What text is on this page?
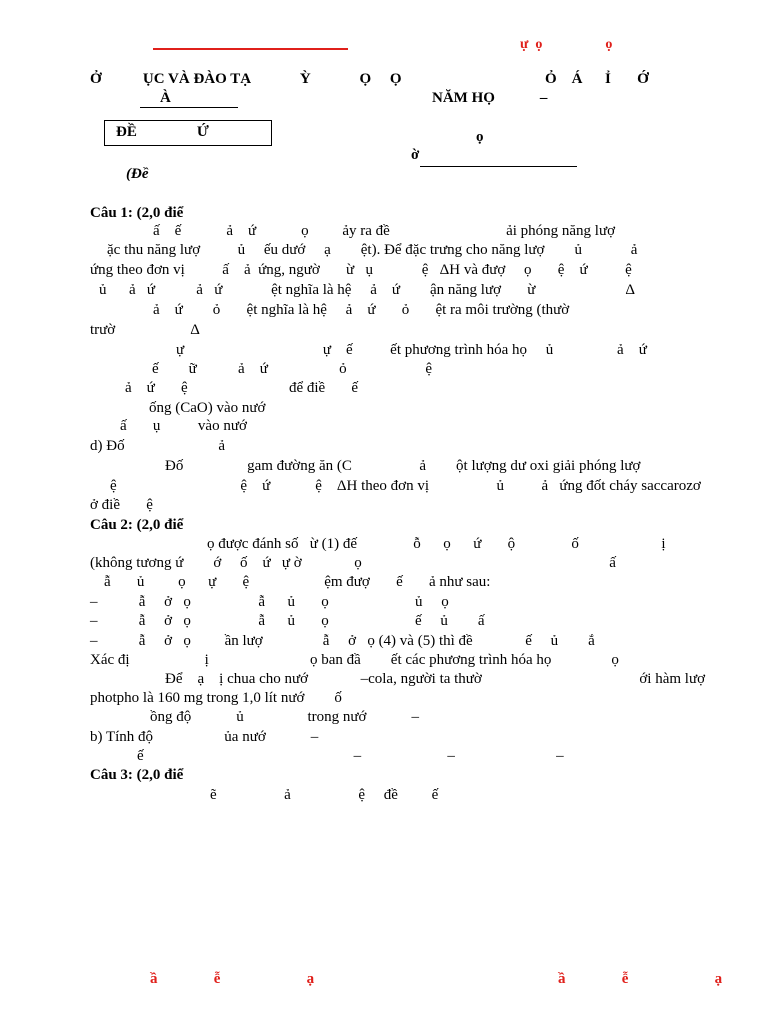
ự  ọ                  ọ
Ở           ỤC VÀ ĐÀO TẠ             Ỳ             Ọ     Ọ	Ỏ    Á      Ỉ       Ớ
À	NĂM HỌ            –
ĐỀ                Ứ	ọ
ờ
(Đề
Câu 1: (2,0 điể
ấ    ế            ả    ứ            ọ         ảy ra đề                               ải phóng năng lượ
ặc thu năng lượ          ủ     ếu dướ     ạ        ệt). Để đặc trưng cho năng lượ        ủ             ả
ứng theo đơn vị          ấ    ả  ứng, ngườ       ừ   ụ             ệ   ΔH và đượ     ọ       ệ    ứ          ệ
ủ      ả   ứ           ả   ứ             ệt nghĩa là hệ     ả    ứ        ận năng lượ       ừ                        Δ
ả    ứ        ỏ       ệt nghĩa là hệ     ả    ứ       ỏ       ệt ra môi trường (thườ
trườ                    Δ
ự                                     ự    ế          ết phương trình hóa họ     ủ                 ả    ứ
ế        ữ           ả    ứ                   ỏ                     ệ
ả    ứ       ệ                           để điề       ế
ống (CaO) vào nướ
ấ       ụ          vào nướ
d) Đố                         ả
Đố                 gam đường ăn (C                  ả        ột lượng dư oxi giải phóng lượ
ệ                                 ệ    ứ            ệ    ΔH theo đơn vị                  ủ          ả   ứng đốt cháy saccarozơ
ở điề       ệ
Câu 2: (2,0 điể
ọ được đánh số   ừ (1) đế               ỗ      ọ      ứ       ộ               ố                      ị
(không tương ứ        ớ     ố    ứ   ự ờ              ọ                                                                  ấ
ẫ       ủ         ọ      ự       ệ                    ệm đượ       ế       ả như sau:
–           ẫ     ở   ọ                  ẫ      ủ       ọ                       ủ     ọ
–           ẫ     ở   ọ                  ẫ      ủ       ọ                       ế     ủ        ấ
–           ẫ     ở   ọ         ần lượ                ẫ     ở   ọ (4) và (5) thì đề              ế     ủ        ắ
Xác đị                    ị                           ọ ban đầ        ết các phương trình hóa họ                ọ
Để    ạ    ị chua cho nướ              –cola, người ta thườ                                          ới hàm lượ
photpho là 160 mg trong 1,0 lít nướ        ố
ồng độ            ủ                 trong nướ            –
b) Tính độ                   ủa nướ            –
ế                                                        –                       –                           –
Câu 3: (2,0 điể
ẽ                  ả                  ệ     đề         ế
ầ               ễ                       ạ	ầ               ễ                       ạ
